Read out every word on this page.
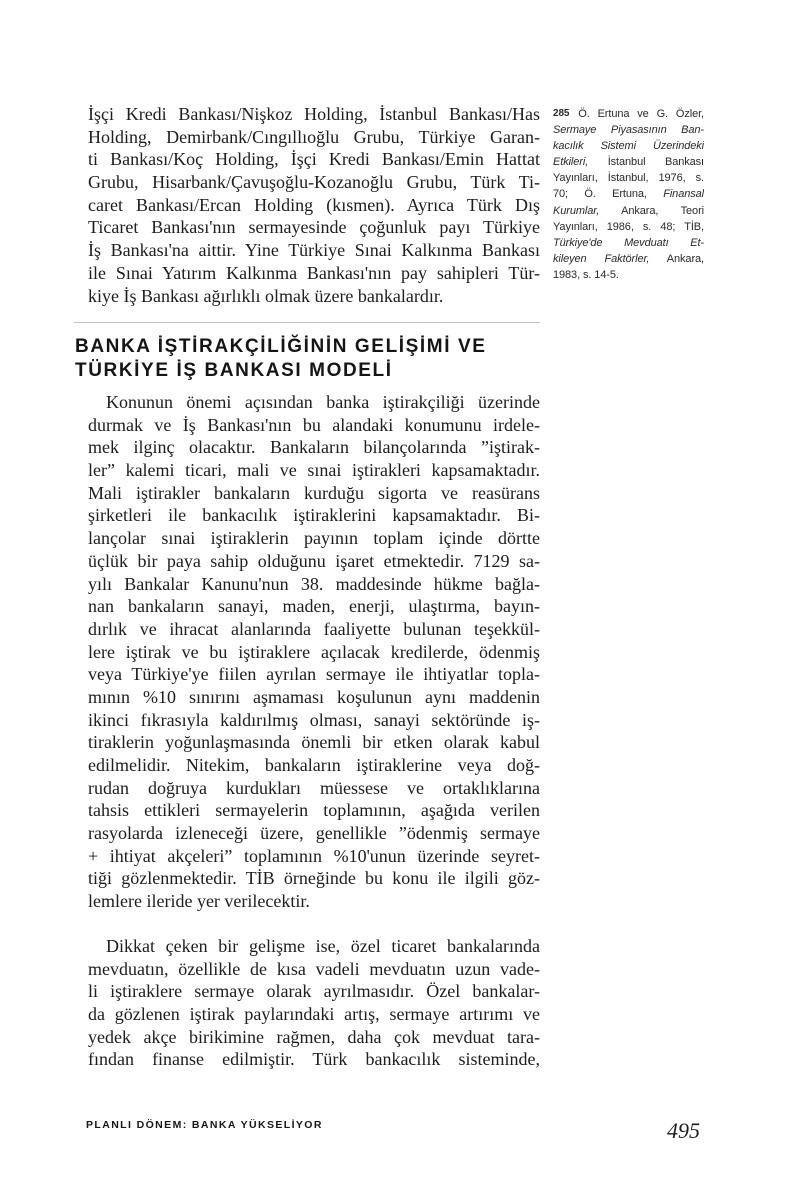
İşçi Kredi Bankası/Nişkoz Holding, İstanbul Bankası/Has
Holding, Demirbank/Cıngıllıoğlu Grubu, Türkiye Garan-
ti Bankası/Koç Holding, İşçi Kredi Bankası/Emin Hattat
Grubu, Hisarbank/Çavuşoğlu-Kozanoğlu Grubu, Türk Ti-
caret Bankası/Ercan Holding (kısmen). Ayrıca Türk Dış
Ticaret Bankası'nın sermayesinde çoğunluk payı Türkiye
İş Bankası'na aittir. Yine Türkiye Sınai Kalkınma Bankası
ile Sınai Yatırım Kalkınma Bankası'nın pay sahipleri Tür-
kiye İş Bankası ağırlıklı olmak üzere bankalardır.
BANKA İŞTİRAKÇİLİĞİNİN GELİŞİMİ VE
TÜRKİYE İŞ BANKASI MODELİ
Konunun önemi açısından banka iştirakçiliği üzerinde
durmak ve İş Bankası'nın bu alandaki konumunu irdele-
mek ilginç olacaktır. Bankaların bilançolarında ”iştirak-
ler” kalemi ticari, mali ve sınai iştirakleri kapsamaktadır.
Mali iştirakler bankaların kurduğu sigorta ve reasürans
şirketleri ile bankacılık iştiraklerini kapsamaktadır. Bi-
lançolar sınai iştiraklerin payının toplam içinde dörtte
üçlük bir paya sahip olduğunu işaret etmektedir. 7129 sa-
yılı Bankalar Kanunu'nun 38. maddesinde hükme bağla-
nan bankaların sanayi, maden, enerji, ulaştırma, bayın-
dırlık ve ihracat alanlarında faaliyette bulunan teşekkül-
lere iştirak ve bu iştiraklere açılacak kredilerde, ödenmiş
veya Türkiye'ye fiilen ayrılan sermaye ile ihtiyatlar topla-
mının %10 sınırını aşmaması koşulunun aynı maddenin
ikinci fıkrasıyla kaldırılmış olması, sanayi sektöründe iş-
tiraklerin yoğunlaşmasında önemli bir etken olarak kabul
edilmelidir. Nitekim, bankaların iştiraklerine veya doğ-
rudan doğruya kurdukları müessese ve ortaklıklarına
tahsis ettikleri sermayelerin toplamının, aşağıda verilen
rasyolarda izleneceği üzere, genellikle ”ödenmiş sermaye
+ ihtiyat akçeleri” toplamının %10'unun üzerinde seyret-
tiği gözlenmektedir. TİB örneğinde bu konu ile ilgili göz-
lemlere ileride yer verilecektir.
Dikkat çeken bir gelişme ise, özel ticaret bankalarında
mevduatın, özellikle de kısa vadeli mevduatın uzun vade-
li iştiraklere sermaye olarak ayrılmasıdır. Özel bankalar-
da gözlenen iştirak paylarındaki artış, sermaye artırımı ve
yedek akçe birikimine rağmen, daha çok mevduat tara-
fından finanse edilmiştir. Türk bankacılık sisteminde,
285 Ö. Ertuna ve G. Özler,
Sermaye Piyasasının Ban-
kacılık Sistemi Üzerindeki
Etkileri, İstanbul Bankası
Yayınları, İstanbul, 1976, s.
70; Ö. Ertuna, Finansal
Kurumlar, Ankara, Teori
Yayınları, 1986, s. 48; TİB,
Türkiye'de Mevduatı Et-
kileyen Faktörler, Ankara,
1983, s. 14-5.
PLANLI DÖNEM: BANKA YÜKSELİYOR	495
